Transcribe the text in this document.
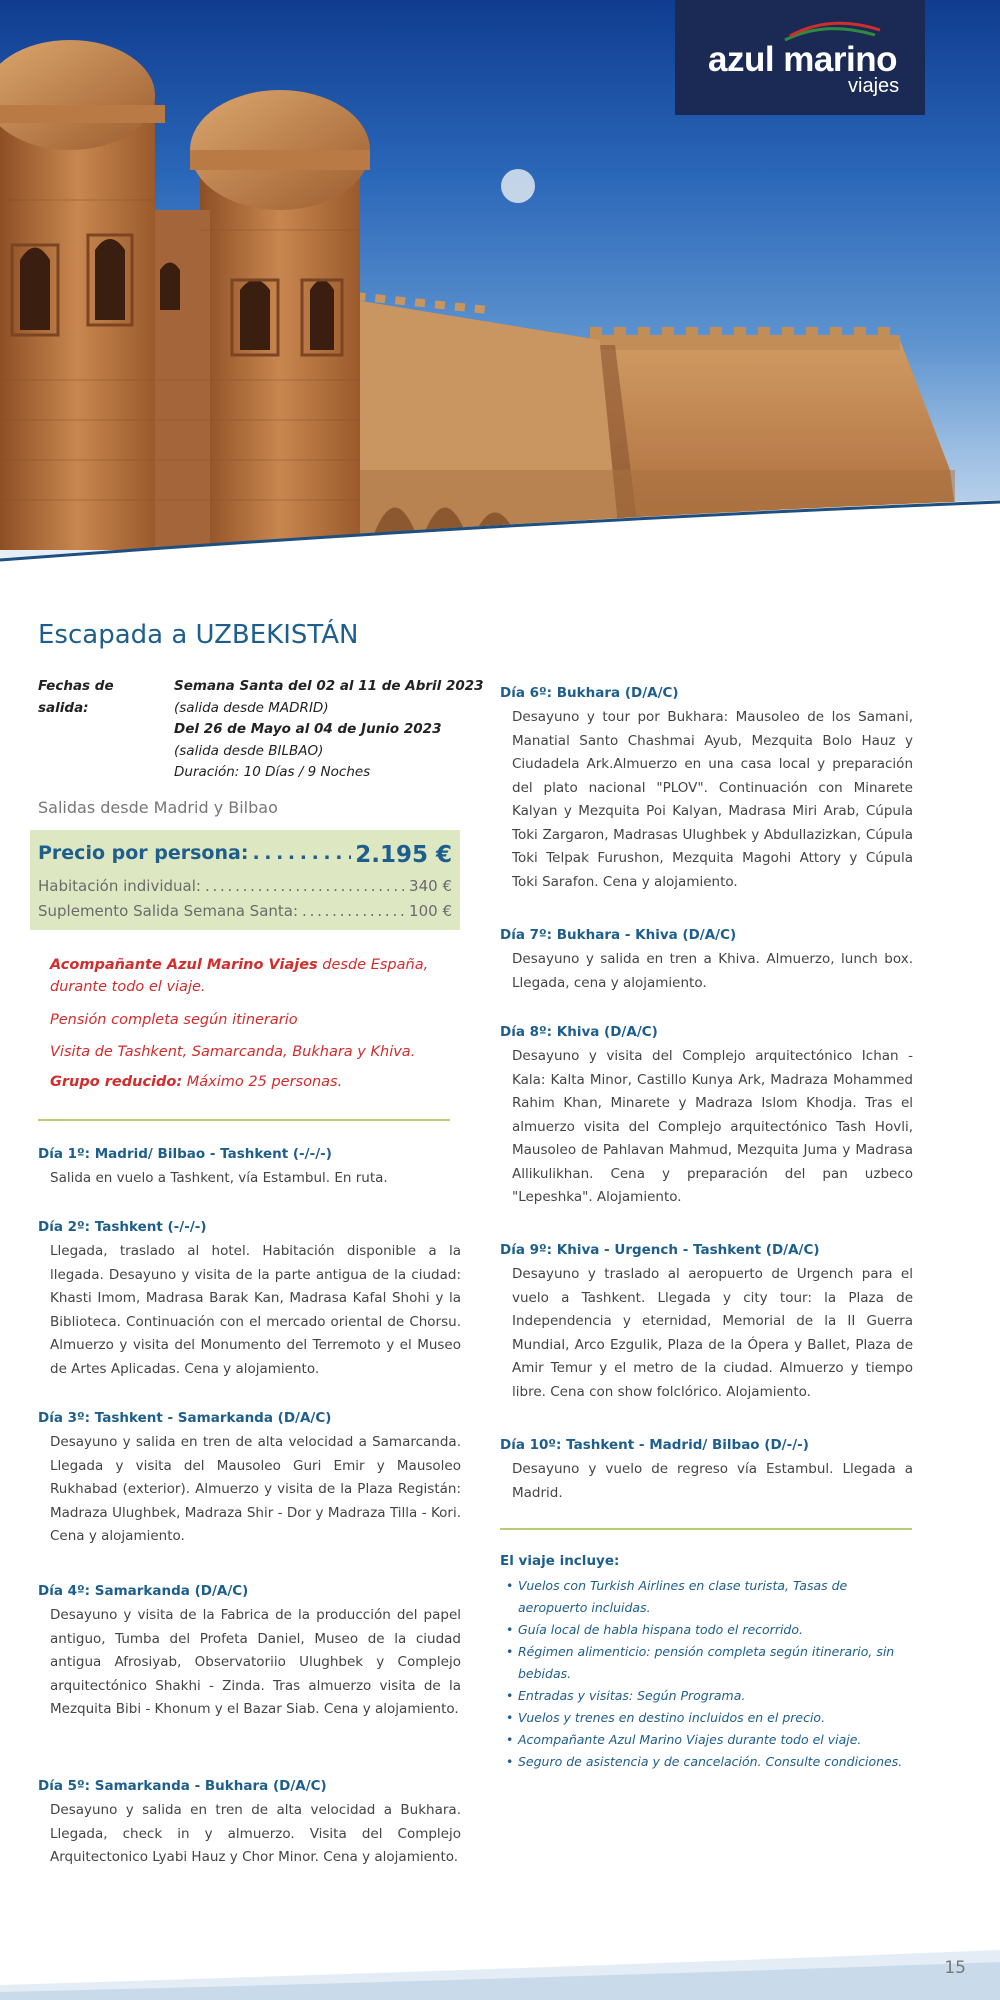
azul marino
viajes
Escapada a UZBEKISTÁN
Fechas de salida:
Semana Santa del 02 al 11 de Abril 2023
(salida desde MADRID)
Del 26 de Mayo al 04 de Junio 2023
(salida desde BILBAO)
Duración: 10 Días / 9 Noches
Salidas desde Madrid y Bilbao
Precio por persona: . . .	2.195 €
Habitación individual: . . .	340 €
Suplemento Salida Semana Santa: . . .	100 €
Acompañante Azul Marino Viajes desde España,
durante todo el viaje.
Pensión completa según itinerario
Visita de Tashkent, Samarcanda, Bukhara y Khiva.
Grupo reducido: Máximo 25 personas.
Día 1º: Madrid/ Bilbao - Tashkent (-/-/-)

Salida en vuelo a Tashkent, vía Estambul. En ruta.

Día 2º: Tashkent (-/-/-)

Llegada, traslado al hotel. Habitación disponible a la llegada. Desayuno y visita de la parte antigua de la ciudad: Khasti Imom, Madrasa Barak Kan, Madrasa Kafal Shohi y la Biblioteca. Continuación con el mercado oriental de Chorsu. Almuerzo y visita del Monumento del Terremoto y el Museo de Artes Aplicadas. Cena y alojamiento.

Día 3º: Tashkent - Samarkanda (D/A/C)

Desayuno y salida en tren de alta velocidad a Samarcanda. Llegada y visita del Mausoleo Guri Emir y Mausoleo Rukhabad (exterior). Almuerzo y visita de la Plaza Registán: Madraza Ulughbek, Madraza Shir - Dor y Madraza Tilla - Kori. Cena y alojamiento.

Día 4º: Samarkanda (D/A/C)

Desayuno y visita de la Fabrica de la producción del papel antiguo, Tumba del Profeta Daniel, Museo de la ciudad antigua Afrosiyab, Observatoriio Ulughbek y Complejo arquitectónico Shakhi - Zinda. Tras almuerzo visita de la Mezquita Bibi - Khonum y el Bazar Siab. Cena y alojamiento.

Día 5º: Samarkanda - Bukhara (D/A/C)

Desayuno y salida en tren de alta velocidad a Bukhara. Llegada, check in y almuerzo. Visita del Complejo Arquitectonico Lyabi Hauz y Chor Minor. Cena y alojamiento.

Día 6º: Bukhara (D/A/C)

Desayuno y tour por Bukhara: Mausoleo de los Samani, Manatial Santo Chashmai Ayub, Mezquita Bolo Hauz y Ciudadela Ark.Almuerzo en una casa local y preparación del plato nacional "PLOV". Continuación con Minarete Kalyan y Mezquita Poi Kalyan, Madrasa Miri Arab, Cúpula Toki Zargaron, Madrasas Ulughbek y Abdullazizkan, Cúpula Toki Telpak Furushon, Mezquita Magohi Attory y Cúpula Toki Sarafon. Cena y alojamiento.

Día 7º: Bukhara - Khiva (D/A/C)

Desayuno y salida en tren a Khiva. Almuerzo, lunch box. Llegada, cena y alojamiento.

Día 8º: Khiva (D/A/C)

Desayuno y visita del Complejo arquitectónico Ichan - Kala: Kalta Minor, Castillo Kunya Ark, Madraza Mohammed Rahim Khan, Minarete y Madraza Islom Khodja. Tras el almuerzo visita del Complejo arquitectónico Tash Hovli, Mausoleo de Pahlavan Mahmud, Mezquita Juma y Madrasa Allikulikhan. Cena y preparación del pan uzbeco "Lepeshka". Alojamiento.

Día 9º: Khiva - Urgench - Tashkent (D/A/C)

Desayuno y traslado al aeropuerto de Urgench para el vuelo a Tashkent. Llegada y city tour: la Plaza de Independencia y eternidad, Memorial de la II Guerra Mundial, Arco Ezgulik, Plaza de la Ópera y Ballet, Plaza de Amir Temur y el metro de la ciudad. Almuerzo y tiempo libre. Cena con show folclórico. Alojamiento.

Día 10º: Tashkent - Madrid/ Bilbao (D/-/-)

Desayuno y vuelo de regreso vía Estambul. Llegada a Madrid.

El viaje incluye:
• Vuelos con Turkish Airlines en clase turista, Tasas de aeropuerto incluidas.
• Guía local de habla hispana todo el recorrido.
• Régimen alimenticio: pensión completa según itinerario, sin bebidas.
• Entradas y visitas: Según Programa.
• Vuelos y trenes en destino incluidos en el precio.
• Acompañante Azul Marino Viajes durante todo el viaje.
• Seguro de asistencia y de cancelación. Consulte condiciones.
15
